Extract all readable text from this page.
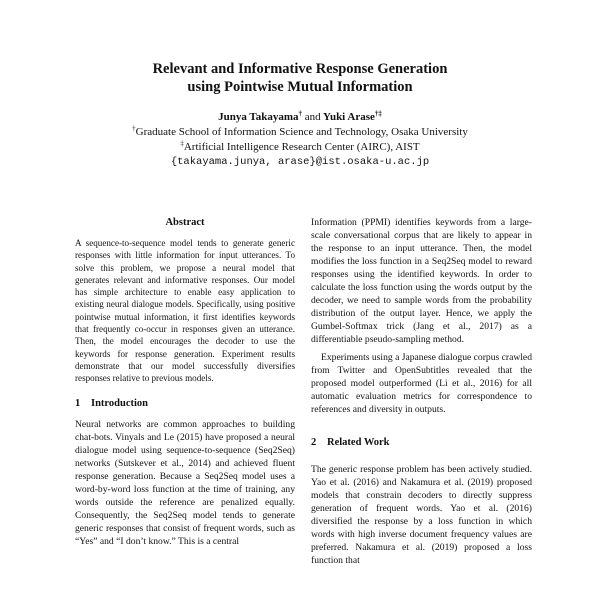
Relevant and Informative Response Generation
using Pointwise Mutual Information
Junya Takayama† and Yuki Arase†‡
†Graduate School of Information Science and Technology, Osaka University
‡Artificial Intelligence Research Center (AIRC), AIST
{takayama.junya, arase}@ist.osaka-u.ac.jp
Abstract

A sequence-to-sequence model tends to generate generic responses with little information for input utterances. To solve this problem, we propose a neural model that generates relevant and informative responses. Our model has simple architecture to enable easy application to existing neural dialogue models. Specifically, using positive pointwise mutual information, it first identifies keywords that frequently co-occur in responses given an utterance. Then, the model encourages the decoder to use the keywords for response generation. Experiment results demonstrate that our model successfully diversifies responses relative to previous models.

1 Introduction

Neural networks are common approaches to building chat-bots. Vinyals and Le (2015) have proposed a neural dialogue model using sequence-to-sequence (Seq2Seq) networks (Sutskever et al., 2014) and achieved fluent response generation. Because a Seq2Seq model uses a word-by-word loss function at the time of training, any words outside the reference are penalized equally. Consequently, the Seq2Seq model tends to generate generic responses that consist of frequent words, such as “Yes” and “I don’t know.” This is a central

Information (PPMI) identifies keywords from a large-scale conversational corpus that are likely to appear in the response to an input utterance. Then, the model modifies the loss function in a Seq2Seq model to reward responses using the identified keywords. In order to calculate the loss function using the words output by the decoder, we need to sample words from the probability distribution of the output layer. Hence, we apply the Gumbel-Softmax trick (Jang et al., 2017) as a differentiable pseudo-sampling method.

Experiments using a Japanese dialogue corpus crawled from Twitter and OpenSubtitles revealed that the proposed model outperformed (Li et al., 2016) for all automatic evaluation metrics for correspondence to references and diversity in outputs.

2 Related Work

The generic response problem has been actively studied. Yao et al. (2016) and Nakamura et al. (2019) proposed models that constrain decoders to directly suppress generation of frequent words. Yao et al. (2016) diversified the response by a loss function in which words with high inverse document frequency values are preferred. Nakamura et al. (2019) proposed a loss function that
